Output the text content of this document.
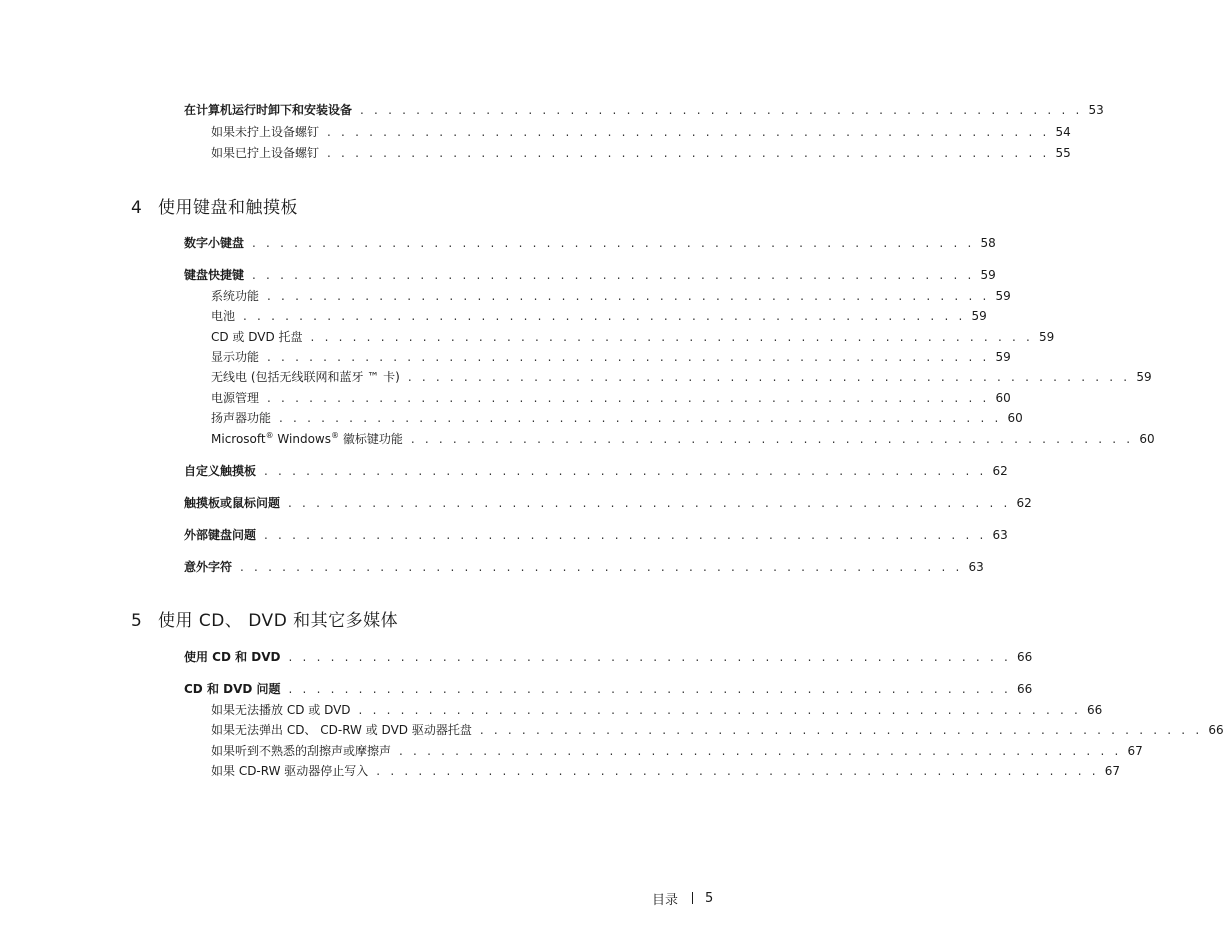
在计算机运行时卸下和安装设备 . . . . . . . . . . . . . . . . . . . . . . . . . . . . . . . . . . . . . . . . . . . . . . . . . . . . 53
如果未拧上设备螺钉 . . . . . . . . . . . . . . . . . . . . . . . . . . . . . . . . . . . . . . . . . . . . . . . . . . . . 54
如果已拧上设备螺钉 . . . . . . . . . . . . . . . . . . . . . . . . . . . . . . . . . . . . . . . . . . . . . . . . . . . . 55
4 使用键盘和触摸板
数字小键盘 . . . . . . . . . . . . . . . . . . . . . . . . . . . . . . . . . . . . . . . . . . . . . . . . . . . . 58
键盘快捷键 . . . . . . . . . . . . . . . . . . . . . . . . . . . . . . . . . . . . . . . . . . . . . . . . . . . . 59
系统功能 . . . . . . . . . . . . . . . . . . . . . . . . . . . . . . . . . . . . . . . . . . . . . . . . . . . . 59
电池 . . . . . . . . . . . . . . . . . . . . . . . . . . . . . . . . . . . . . . . . . . . . . . . . . . . . 59
CD 或 DVD 托盘 . . . . . . . . . . . . . . . . . . . . . . . . . . . . . . . . . . . . . . . . . . . . . . . . . . . . 59
显示功能 . . . . . . . . . . . . . . . . . . . . . . . . . . . . . . . . . . . . . . . . . . . . . . . . . . . . 59
无线电 (包括无线联网和蓝牙 ™ 卡) . . . . . . . . . . . . . . . . . . . . . . . . . . . . . . . . . . . . . . . . . . . . . . . . . . . . 59
电源管理 . . . . . . . . . . . . . . . . . . . . . . . . . . . . . . . . . . . . . . . . . . . . . . . . . . . . 60
扬声器功能 . . . . . . . . . . . . . . . . . . . . . . . . . . . . . . . . . . . . . . . . . . . . . . . . . . . . 60
Microsoft® Windows® 徽标键功能 . . . . . . . . . . . . . . . . . . . . . . . . . . . . . . . . . . . . . . . . . . . . . . . . . . . . 60
自定义触摸板 . . . . . . . . . . . . . . . . . . . . . . . . . . . . . . . . . . . . . . . . . . . . . . . . . . . . 62
触摸板或鼠标问题 . . . . . . . . . . . . . . . . . . . . . . . . . . . . . . . . . . . . . . . . . . . . . . . . . . . . 62
外部键盘问题 . . . . . . . . . . . . . . . . . . . . . . . . . . . . . . . . . . . . . . . . . . . . . . . . . . . . 63
意外字符 . . . . . . . . . . . . . . . . . . . . . . . . . . . . . . . . . . . . . . . . . . . . . . . . . . . . 63
5 使用 CD、 DVD 和其它多媒体
使用 CD 和 DVD . . . . . . . . . . . . . . . . . . . . . . . . . . . . . . . . . . . . . . . . . . . . . . . . . . . . 66
CD 和 DVD 问题 . . . . . . . . . . . . . . . . . . . . . . . . . . . . . . . . . . . . . . . . . . . . . . . . . . . . 66
如果无法播放 CD 或 DVD . . . . . . . . . . . . . . . . . . . . . . . . . . . . . . . . . . . . . . . . . . . . . . . . . . . . 66
如果无法弹出 CD、 CD-RW 或 DVD 驱动器托盘 . . . . . . . . . . . . . . . . . . . . . . . . . . . . . . . . . . . . . . . . . . . . . . . . . . . . 66
如果听到不熟悉的刮擦声或摩擦声 . . . . . . . . . . . . . . . . . . . . . . . . . . . . . . . . . . . . . . . . . . . . . . . . . . . . 67
如果 CD-RW 驱动器停止写入 . . . . . . . . . . . . . . . . . . . . . . . . . . . . . . . . . . . . . . . . . . . . . . . . . . . . 67
目录 5
